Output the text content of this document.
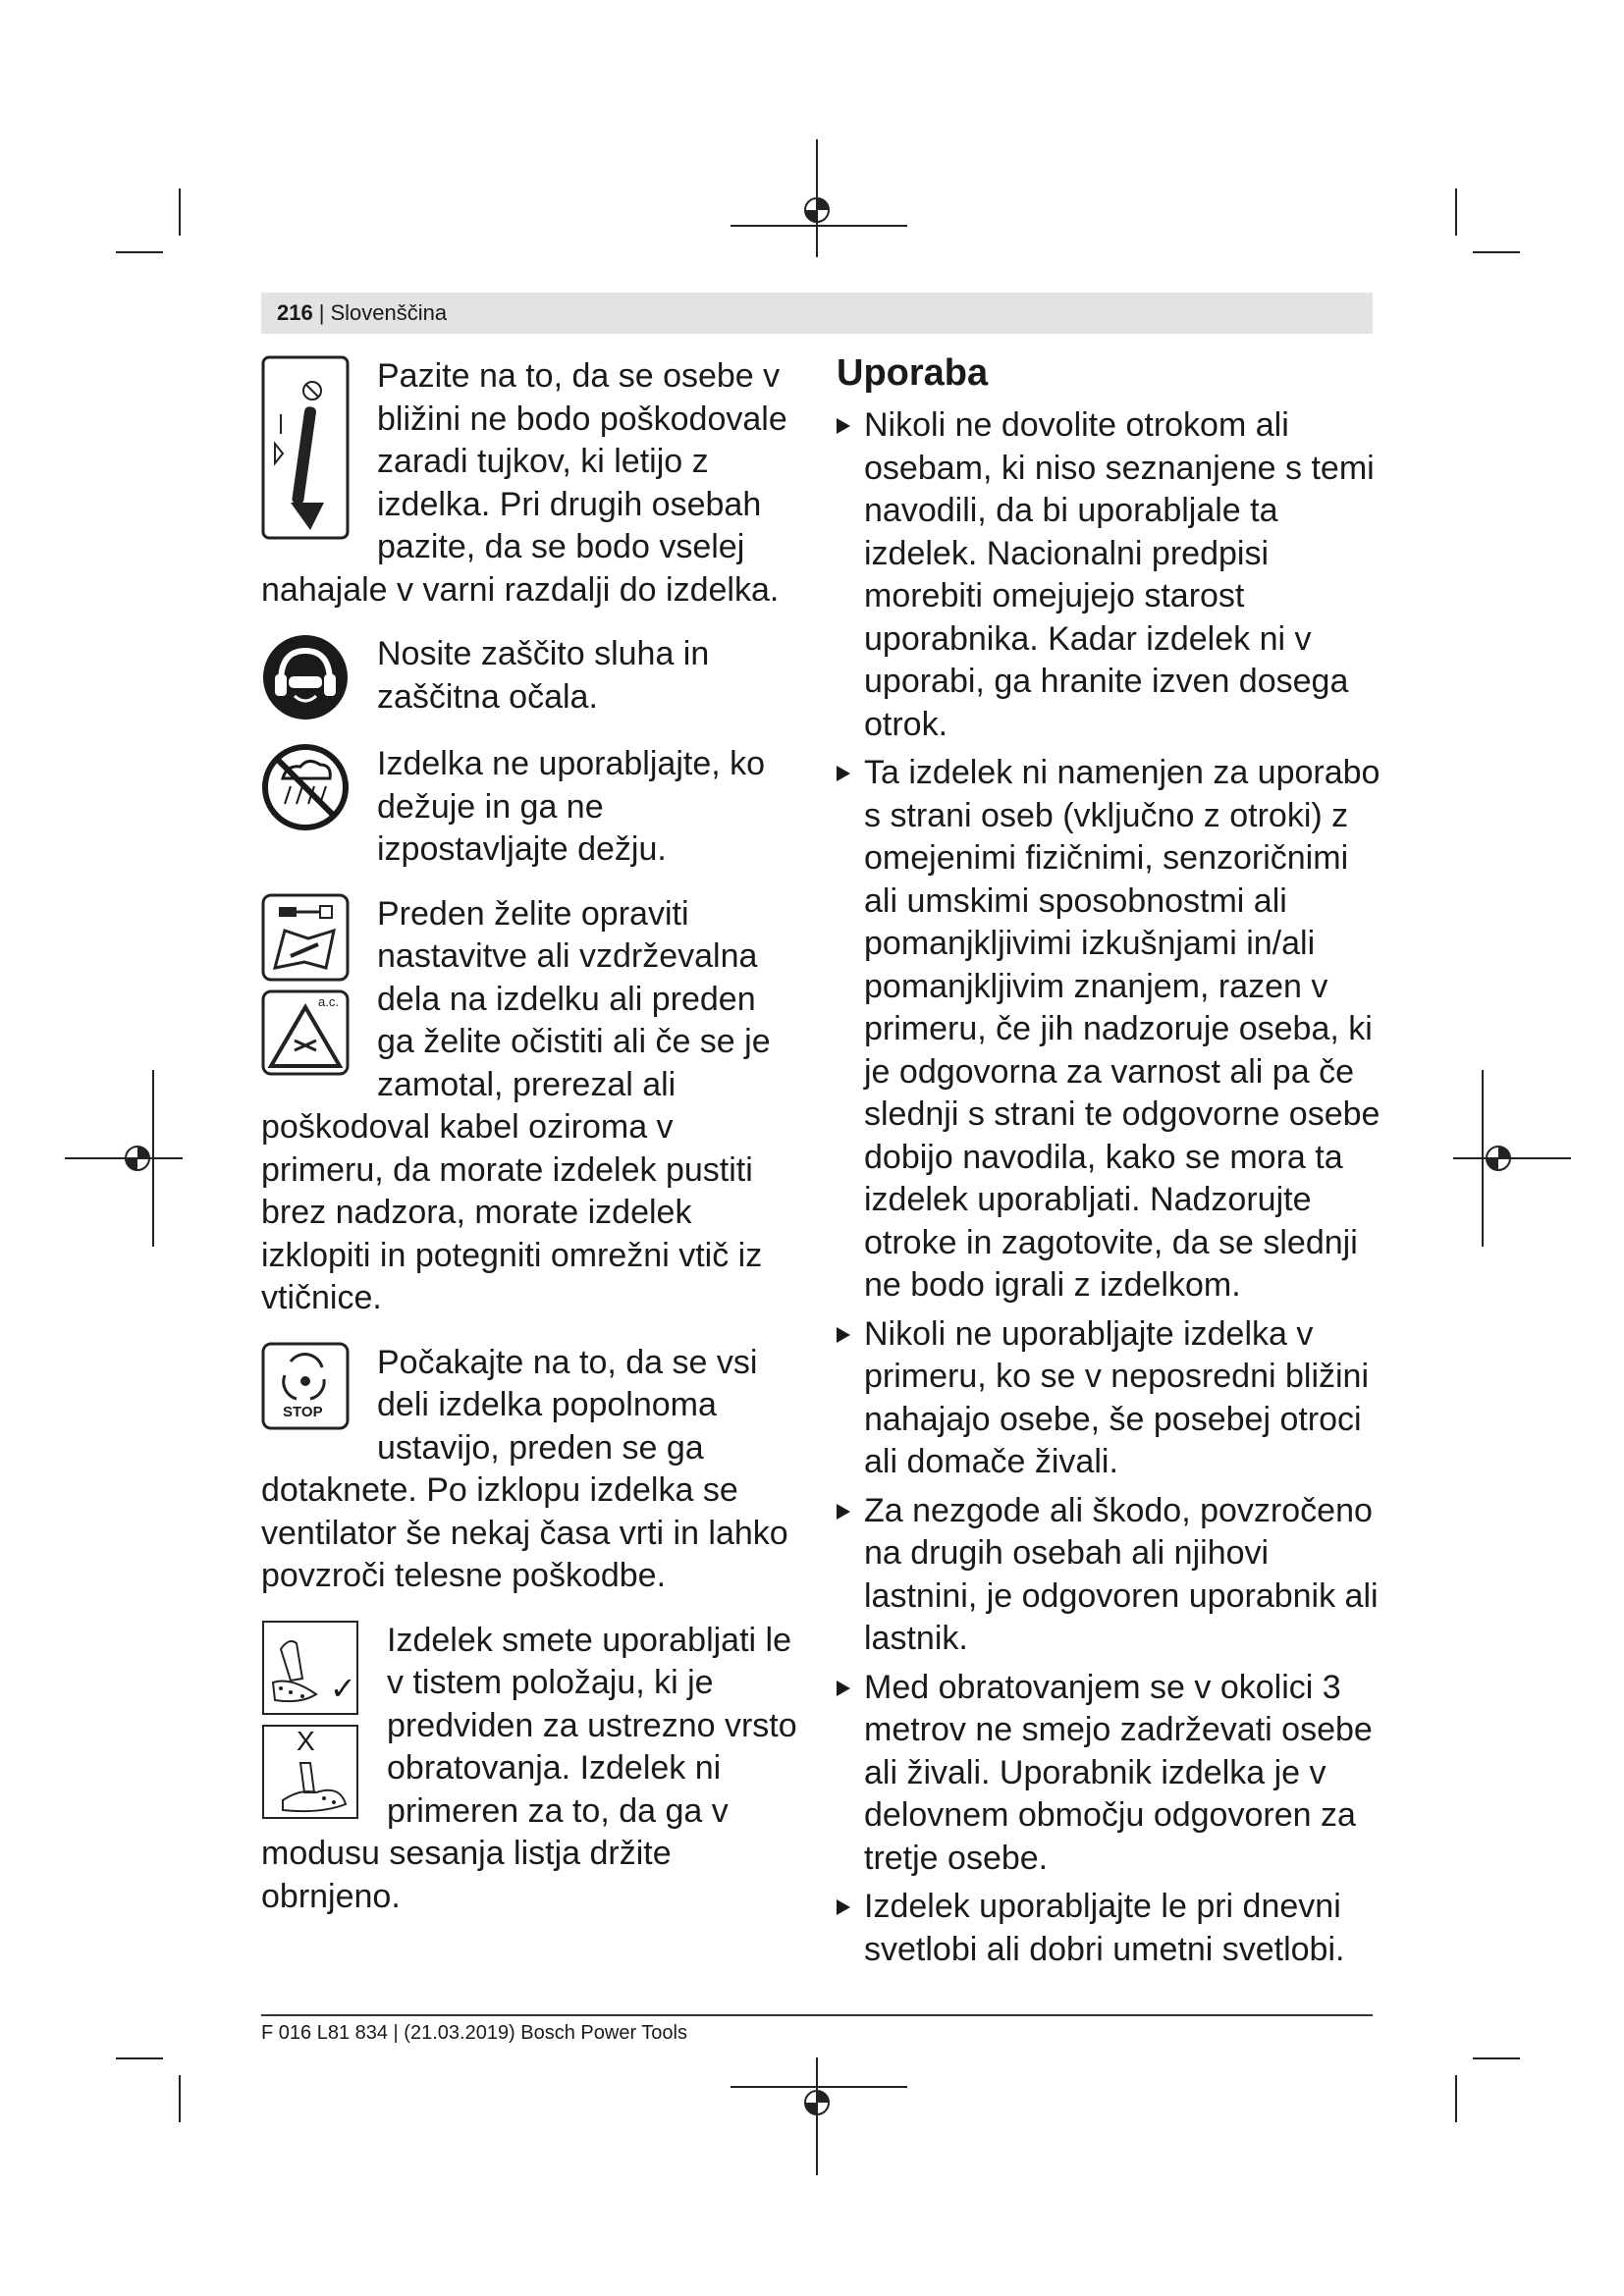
216 | Slovenščina
Pazite na to, da se osebe v bližini ne bodo poškodovale zaradi tujkov, ki letijo z izdelka. Pri drugih osebah pazite, da se bodo vselej nahajale v varni razdalji do izdelka.
Nosite zaščito sluha in zaščitna očala.
Izdelka ne uporabljajte, ko dežuje in ga ne izpostavljajte dežju.
a.c.
Preden želite opraviti nastavitve ali vzdrževalna dela na izdelku ali preden ga želite očistiti ali če se je zamotal, prerezal ali poškodoval kabel oziroma v primeru, da morate izdelek pustiti brez nadzora, morate izdelek izklopiti in potegniti omrežni vtič iz vtičnice.
STOP
Počakajte na to, da se vsi deli izdelka popolnoma ustavijo, preden se ga dotaknete. Po izklopu izdelka se ventilator še nekaj časa vrti in lahko povzroči telesne poškodbe.
✓
X
Izdelek smete uporabljati le v tistem položaju, ki je predviden za ustrezno vrsto obratovanja. Izdelek ni primeren za to, da ga v modusu sesanja listja držite obrnjeno.
Uporaba
Nikoli ne dovolite otrokom ali osebam, ki niso seznanjene s temi navodili, da bi uporabljale ta izdelek. Nacionalni predpisi morebiti omejujejo starost uporabnika. Kadar izdelek ni v uporabi, ga hranite izven dosega otrok.
Ta izdelek ni namenjen za uporabo s strani oseb (vključno z otroki) z omejenimi fizičnimi, senzoričnimi ali umskimi sposobnostmi ali pomanjkljivimi izkušnjami in/ali pomanjkljivim znanjem, razen v primeru, če jih nadzoruje oseba, ki je odgovorna za varnost ali pa če slednji s strani te odgovorne osebe dobijo navodila, kako se mora ta izdelek uporabljati. Nadzorujte otroke in zagotovite, da se slednji ne bodo igrali z izdelkom.
Nikoli ne uporabljajte izdelka v primeru, ko se v neposredni bližini nahajajo osebe, še posebej otroci ali domače živali.
Za nezgode ali škodo, povzročeno na drugih osebah ali njihovi lastnini, je odgovoren uporabnik ali lastnik.
Med obratovanjem se v okolici 3 metrov ne smejo zadrževati osebe ali živali. Uporabnik izdelka je v delovnem območju odgovoren za tretje osebe.
Izdelek uporabljajte le pri dnevni svetlobi ali dobri umetni svetlobi.
F 016 L81 834 | (21.03.2019) Bosch Power Tools
